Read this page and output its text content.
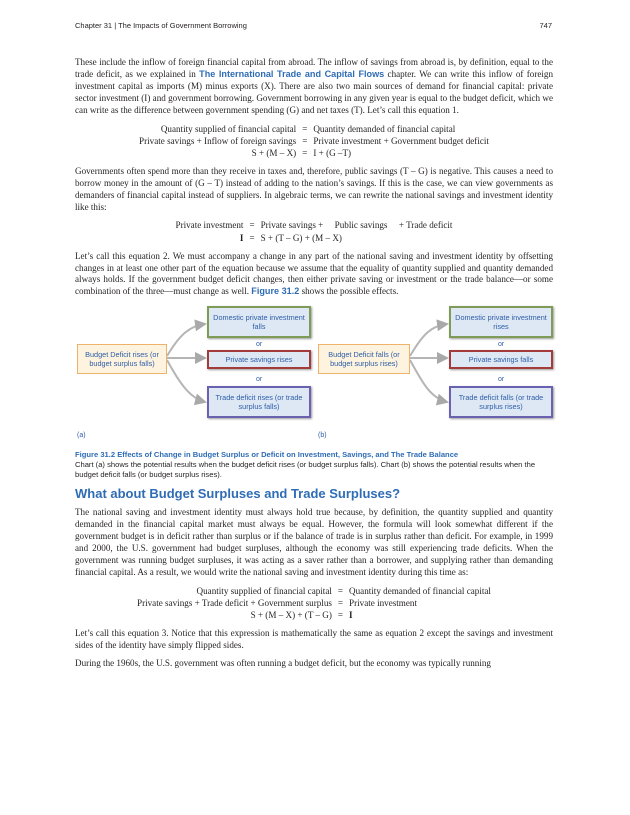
Chapter 31 | The Impacts of Government Borrowing	747

These include the inflow of foreign financial capital from abroad. The inflow of savings from abroad is, by definition, equal to the trade deficit, as we explained in The International Trade and Capital Flows chapter. We can write this inflow of foreign investment capital as imports (M) minus exports (X). There are also two main sources of demand for financial capital: private sector investment (I) and government borrowing. Government borrowing in any given year is equal to the budget deficit, which we can write as the difference between government spending (G) and net taxes (T). Let’s call this equation 1.

Quantity supplied of financial capital	=	Quantity demanded of financial capital
Private savings + Inflow of foreign savings	=	Private investment + Government budget deficit
S + (M – X)	=	I + (G –T)

Governments often spend more than they receive in taxes and, therefore, public savings (T – G) is negative. This causes a need to borrow money in the amount of (G – T) instead of adding to the nation’s savings. If this is the case, we can view governments as demanders of financial capital instead of suppliers. In algebraic terms, we can rewrite the national savings and investment identity like this:

Private investment	=	Private savings +     Public savings     + Trade deficit
I	=	S + (T – G) + (M – X)

Let’s call this equation 2. We must accompany a change in any part of the national saving and investment identity by offsetting changes in at least one other part of the equation because we assume that the equality of quantity supplied and quantity demanded always holds. If the government budget deficit changes, then either private saving or investment or the trade balance—or some combination of the three—must change as well. Figure 31.2 shows the possible effects.

Budget Deficit rises (or budget surplus falls)
Domestic private investment falls
or
Private savings rises
or
Trade deficit rises (or trade surplus falls)
(a)
Budget Deficit falls (or budget surplus rises)
Domestic private investment rises
or
Private savings falls
or
Trade deficit falls (or trade surplus rises)
(b)
Figure 31.2 Effects of Change in Budget Surplus or Deficit on Investment, Savings, and The Trade Balance
Chart (a) shows the potential results when the budget deficit rises (or budget surplus falls). Chart (b) shows the potential results when the budget deficit falls (or budget surplus rises).
What about Budget Surpluses and Trade Surpluses?

The national saving and investment identity must always hold true because, by definition, the quantity supplied and quantity demanded in the financial capital market must always be equal. However, the formula will look somewhat different if the government budget is in deficit rather than surplus or if the balance of trade is in surplus rather than deficit. For example, in 1999 and 2000, the U.S. government had budget surpluses, although the economy was still experiencing trade deficits. When the government was running budget surpluses, it was acting as a saver rather than a borrower, and supplying rather than demanding financial capital. As a result, we would write the national saving and investment identity during this time as:

Quantity supplied of financial capital	=	Quantity demanded of financial capital
Private savings + Trade deficit + Government surplus	=	Private investment
S + (M – X) + (T – G)	=	I

Let’s call this equation 3. Notice that this expression is mathematically the same as equation 2 except the savings and investment sides of the identity have simply flipped sides.

During the 1960s, the U.S. government was often running a budget deficit, but the economy was typically running
